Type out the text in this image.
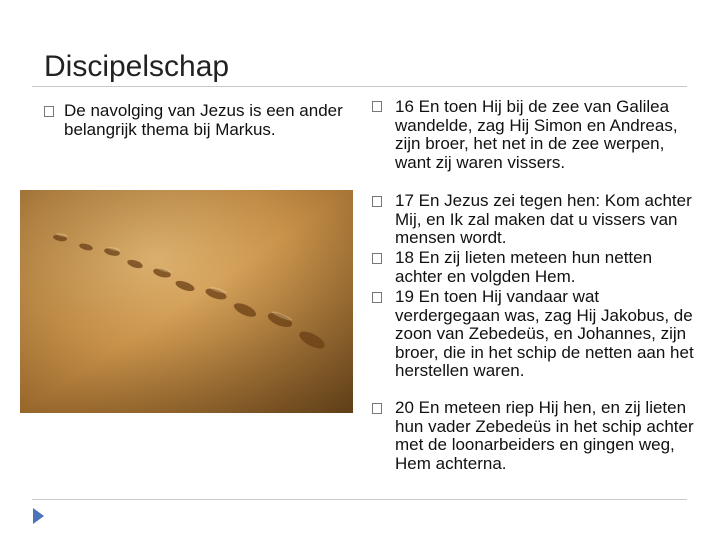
Discipelschap
De navolging van Jezus is een ander belangrijk thema bij Markus.
16 En toen Hij bij de zee van Galilea wandelde, zag Hij Simon en Andreas, zijn broer, het net in de zee werpen, want zij waren vissers.
17 En Jezus zei tegen hen: Kom achter Mij, en Ik zal maken dat u vissers van mensen wordt.
18 En zij lieten meteen hun netten achter en volgden Hem.
19 En toen Hij vandaar wat verdergegaan was, zag Hij Jakobus, de zoon van Zebedeüs, en Johannes, zijn broer, die in het schip de netten aan het herstellen waren.
20 En meteen riep Hij hen, en zij lieten hun vader Zebedeüs in het schip achter met de loonarbeiders en gingen weg, Hem achterna.
